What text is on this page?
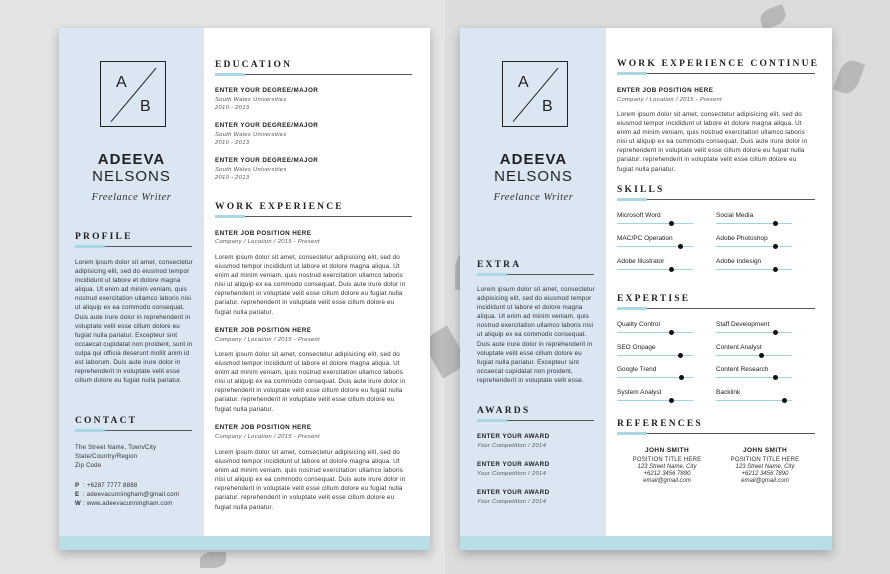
A
B
ADEEVA
NELSONS
Freelance Writer
PROFILE
Lorem ipsum dolor sit amet, consectetur adipisicing elit, sed do eiusmod tempor incididunt ut labore et dolore magna aliqua. Ut enim ad minim veniam, quis nostrud exercitation ullamco laboris nisi ut aliquip ex ea commodo consequat. Duis aute irure dolor in reprehenderit in voluptate velit esse cillum dolore eu fugiat nulla pariatur. Excepteur sint occaecat cupidatat non proident, sunt in culpa qui officia deserunt mollit anim id est laborum. Duis aute irure dolor in reprehenderit in voluptate velit esse cillum dolore eu fugiat nulla pariatur.
CONTACT
The Street Name, Town/City
State/Country/Region
Zip Code
P : +6287 7777 8888
E : adeevacunningham@gmail.com
W : www.adeevacunningham.com
EDUCATION
ENTER YOUR DEGREE/MAJOR
South Wales Universities
2010 - 2013
ENTER YOUR DEGREE/MAJOR
South Wales Universities
2010 - 2013
ENTER YOUR DEGREE/MAJOR
South Wales Universities
2010 - 2013
WORK EXPERIENCE
ENTER JOB POSITION HERE
Company / Location / 2015 - Present
Lorem ipsum dolor sit amet, consectetur adipisicing elit, sed do eiusmod tempor incididunt ut labore et dolore magna aliqua. Ut enim ad minim veniam, quis nostrud exercitation ullamco laboris nisi ut aliquip ex ea commodo consequat. Duis aute irure dolor in reprehenderit in voluptate velit esse cillum dolore eu fugiat nulla pariatur. reprehenderit in voluptate velit esse cillum dolore eu fugiat nulla pariatur.
ENTER JOB POSITION HERE
Company / Location / 2015 - Present
Lorem ipsum dolor sit amet, consectetur adipisicing elit, sed do eiusmod tempor incididunt ut labore et dolore magna aliqua. Ut enim ad minim veniam, quis nostrud exercitation ullamco laboris nisi ut aliquip ex ea commodo consequat. Duis aute irure dolor in reprehenderit in voluptate velit esse cillum dolore eu fugiat nulla pariatur. reprehenderit in voluptate velit esse cillum dolore eu fugiat nulla pariatur.
ENTER JOB POSITION HERE
Company / Location / 2015 - Present
Lorem ipsum dolor sit amet, consectetur adipisicing elit, sed do eiusmod tempor incididunt ut labore et dolore magna aliqua. Ut enim ad minim veniam, quis nostrud exercitation ullamco laboris nisi ut aliquip ex ea commodo consequat. Duis aute irure dolor in reprehenderit in voluptate velit esse cillum dolore eu fugiat nulla pariatur. reprehenderit in voluptate velit esse cillum dolore eu fugiat nulla pariatur.
A
B
ADEEVA
NELSONS
Freelance Writer
EXTRA
Lorem ipsum dolor sit amet, consectetur adipisicing elit, sed do eiusmod tempor incididunt ut labore et dolore magna aliqua. Ut enim ad minim veniam, quis nostrud exercitation ullamco laboris nisi ut aliquip ex ea commodo consequat. Duis aute irure dolor in reprehenderit in voluptate velit esse cillum dolore eu fugiat nulla pariatur. Excepteur sint occaecat cupidatat non proident, reprehenderit in voluptate velit esse.
AWARDS
ENTER YOUR AWARD
Your Competition / 2014
ENTER YOUR AWARD
Your Competition / 2014
ENTER YOUR AWARD
Your Competition / 2014
WORK EXPERIENCE CONTINUE
ENTER JOB POSITION HERE
Company / Location / 2015 - Present
Lorem ipsum dolor sit amet, consectetur adipisicing elit, sed do eiusmod tempor incididunt ut labore et dolore magna aliqua. Ut enim ad minim veniam, quis nostrud exercitation ullamco laboris nisi ut aliquip ex ea commodo consequat. Duis aute irure dolor in reprehenderit in voluptate velit esse cillum dolore eu fugiat nulla pariatur. reprehenderit in voluptate velit esse cillum dolore eu fugiat nulla pariatur.
SKILLS
Microsoft Word	Social Media
MAC/PC Operation	Adobe Photoshop
Adobe Illustrator	Adobe Indesign
EXPERTISE
Quality Control	Staff Development
SEO Onpage	Content Analyst
Google Trend	Content Research
System Analyst	Backlink
REFERENCES
JOHN SMITH
POSITION TITLE HERE
123 Street Name, City
+6212 3456 7890
email@gmail.com
JOHN SMITH
POSITION TITLE HERE
123 Street Name, City
+6212 3456 7890
email@gmail.com
